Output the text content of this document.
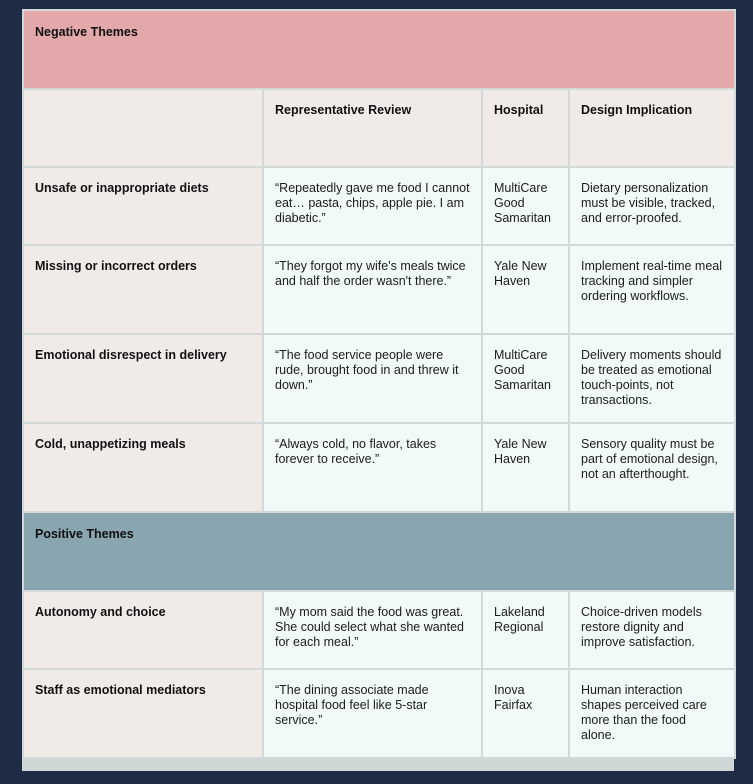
Negative Themes			
	Representative Review	Hospital	Design Implication
Unsafe or inappropriate diets	“Repeatedly gave me food I cannot eat… pasta, chips, apple pie. I am diabetic.”	MultiCare Good Samaritan	Dietary personalization must be visible, tracked, and error-proofed.
Missing or incorrect orders	“They forgot my wife's meals twice and half the order wasn't there.”	Yale New Haven	Implement real-time meal tracking and simpler ordering workflows.
Emotional disrespect in delivery	“The food service people were rude, brought food in and threw it down.”	MultiCare Good Samaritan	Delivery moments should be treated as emotional touch-points, not transactions.
Cold, unappetizing meals	“Always cold, no flavor, takes forever to receive.”	Yale New Haven	Sensory quality must be part of emotional design, not an afterthought.
Positive Themes			
Autonomy and choice	“My mom said the food was great. She could select what she wanted for each meal.”	Lakeland Regional	Choice-driven models restore dignity and improve satisfaction.
Staff as emotional mediators	“The dining associate made hospital food feel like 5-star service.”	Inova Fairfax	Human interaction shapes perceived care more than the food alone.
